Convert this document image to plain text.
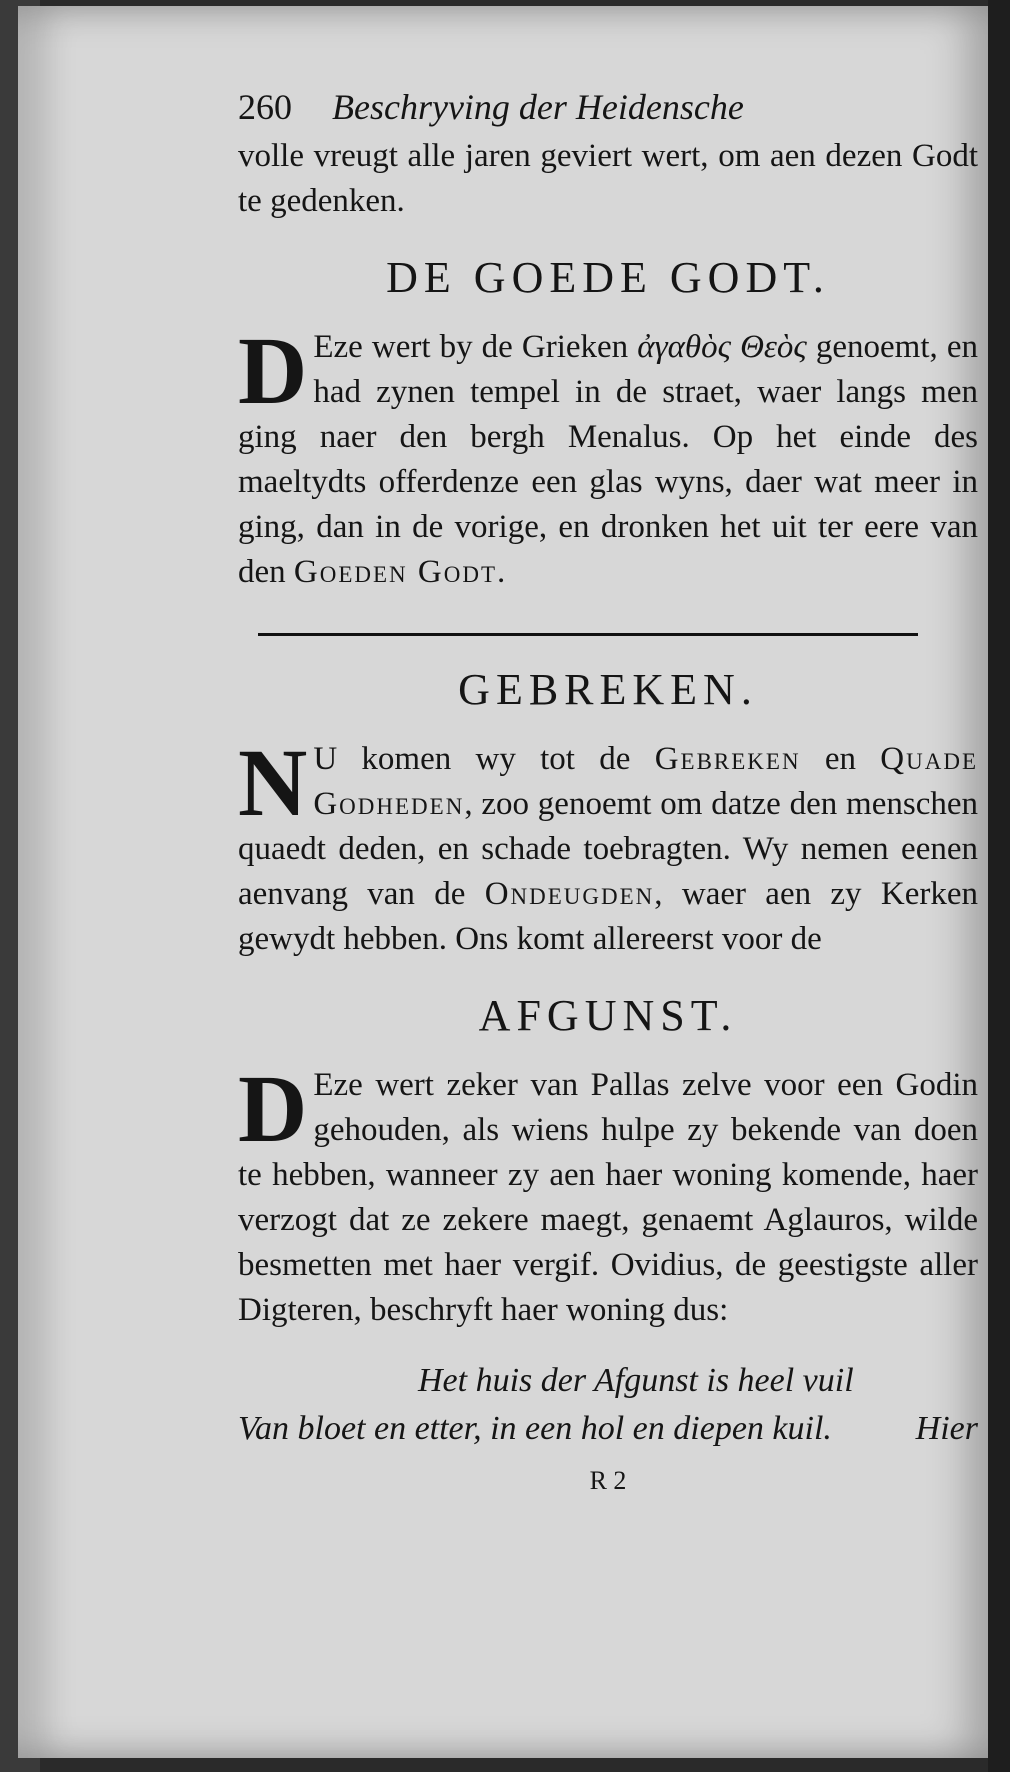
260 Beschryving der Heidensche

volle vreugt alle jaren geviert wert, om aen dezen Godt te gedenken.

DE GOEDE GODT.

D Eze wert by de Grieken ἀγαθὸς Θεὸς genoemt, en had zynen tempel in de straet, waer langs men ging naer den bergh Menalus. Op het einde des maeltydts offerdenze een glas wyns, daer wat meer in ging, dan in de vorige, en dronken het uit ter eere van den Goeden Godt.

GEBREKEN.

N U komen wy tot de Gebreken en Quade Godheden, zoo genoemt om datze den menschen quaedt deden, en schade toebragten. Wy nemen eenen aenvang van de Ondeugden, waer aen zy Kerken gewydt hebben. Ons komt allereerst voor de

AFGUNST.

D Eze wert zeker van Pallas zelve voor een Godin gehouden, als wiens hulpe zy bekende van doen te hebben, wanneer zy aen haer woning komende, haer verzogt dat ze zekere maegt, genaemt Aglauros, wilde besmetten met haer vergif. Ovidius, de geestigste aller Digteren, beschryft haer woning dus:

Het huis der Afgunst is heel vuil
Van bloet en etter, in een hol en diepen kuil. Hier
R 2
